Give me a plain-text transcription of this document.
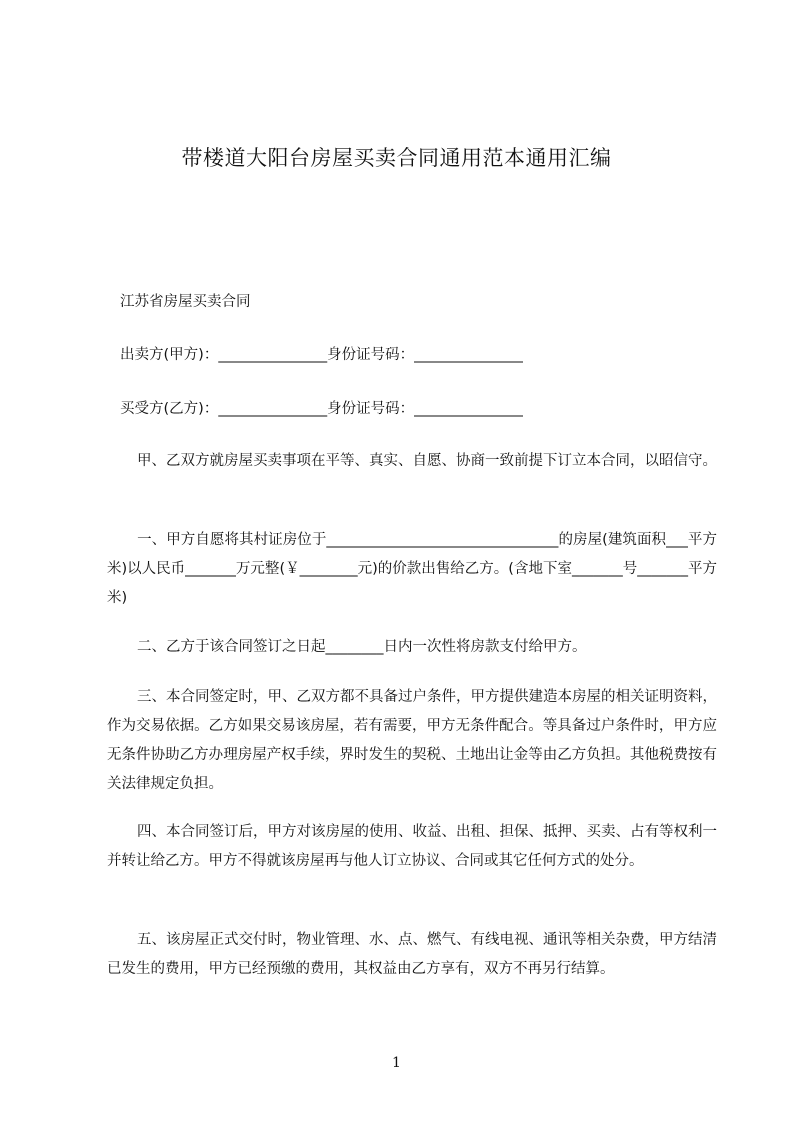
带楼道大阳台房屋买卖合同通用范本通用汇编
江苏省房屋买卖合同
出卖方(甲方)：_______________身份证号码：_______________
买受方(乙方)：_______________身份证号码：_______________
甲、乙双方就房屋买卖事项在平等、真实、自愿、协商一致前提下订立本合同，以昭信守。
一、甲方自愿将其村证房位于________________________________的房屋(建筑面积___平方米)以人民币_______万元整(￥________元)的价款出售给乙方。(含地下室_______号_______平方米)
二、乙方于该合同签订之日起________日内一次性将房款支付给甲方。
三、本合同签定时，甲、乙双方都不具备过户条件，甲方提供建造本房屋的相关证明资料，作为交易依据。乙方如果交易该房屋，若有需要，甲方无条件配合。等具备过户条件时，甲方应无条件协助乙方办理房屋产权手续，界时发生的契税、土地出让金等由乙方负担。其他税费按有关法律规定负担。
四、本合同签订后，甲方对该房屋的使用、收益、出租、担保、抵押、买卖、占有等权利一并转让给乙方。甲方不得就该房屋再与他人订立协议、合同或其它任何方式的处分。
五、该房屋正式交付时，物业管理、水、点、燃气、有线电视、通讯等相关杂费，甲方结清已发生的费用，甲方已经预缴的费用，其权益由乙方享有，双方不再另行结算。
1
